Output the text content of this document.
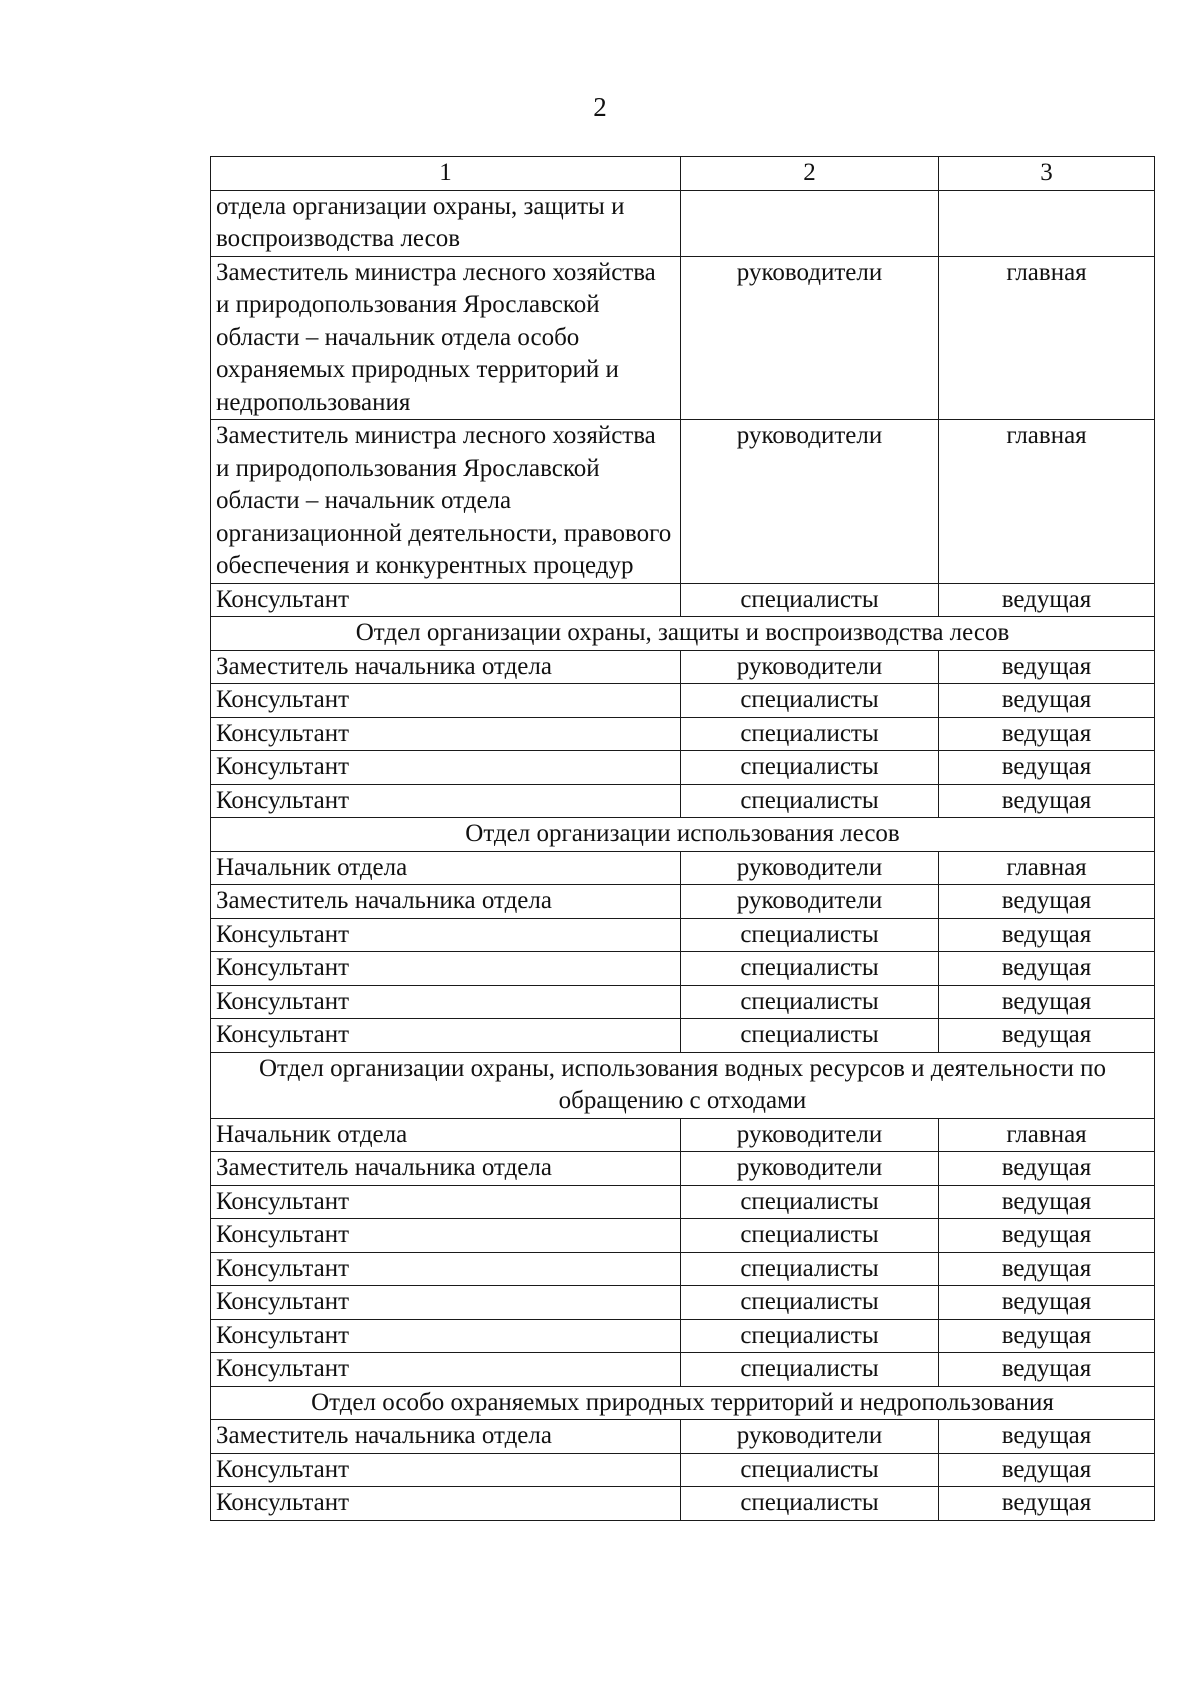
2
1	2	3
отдела организации охраны, защиты и воспроизводства лесов		
Заместитель министра лесного хозяйства и природопользования Ярославской области – начальник отдела особо охраняемых природных территорий и недропользования	руководители	главная
Заместитель министра лесного хозяйства и природопользования Ярославской области – начальник отдела организационной деятельности, правового обеспечения и конкурентных процедур	руководители	главная
Консультант	специалисты	ведущая
Отдел организации охраны, защиты и воспроизводства лесов		
Заместитель начальника отдела	руководители	ведущая
Консультант	специалисты	ведущая
Консультант	специалисты	ведущая
Консультант	специалисты	ведущая
Консультант	специалисты	ведущая
Отдел организации использования лесов		
Начальник отдела	руководители	главная
Заместитель начальника отдела	руководители	ведущая
Консультант	специалисты	ведущая
Консультант	специалисты	ведущая
Консультант	специалисты	ведущая
Консультант	специалисты	ведущая
Отдел организации охраны, использования водных ресурсов и деятельности по обращению с отходами		
Начальник отдела	руководители	главная
Заместитель начальника отдела	руководители	ведущая
Консультант	специалисты	ведущая
Консультант	специалисты	ведущая
Консультант	специалисты	ведущая
Консультант	специалисты	ведущая
Консультант	специалисты	ведущая
Консультант	специалисты	ведущая
Отдел особо охраняемых природных территорий и недропользования		
Заместитель начальника отдела	руководители	ведущая
Консультант	специалисты	ведущая
Консультант	специалисты	ведущая
